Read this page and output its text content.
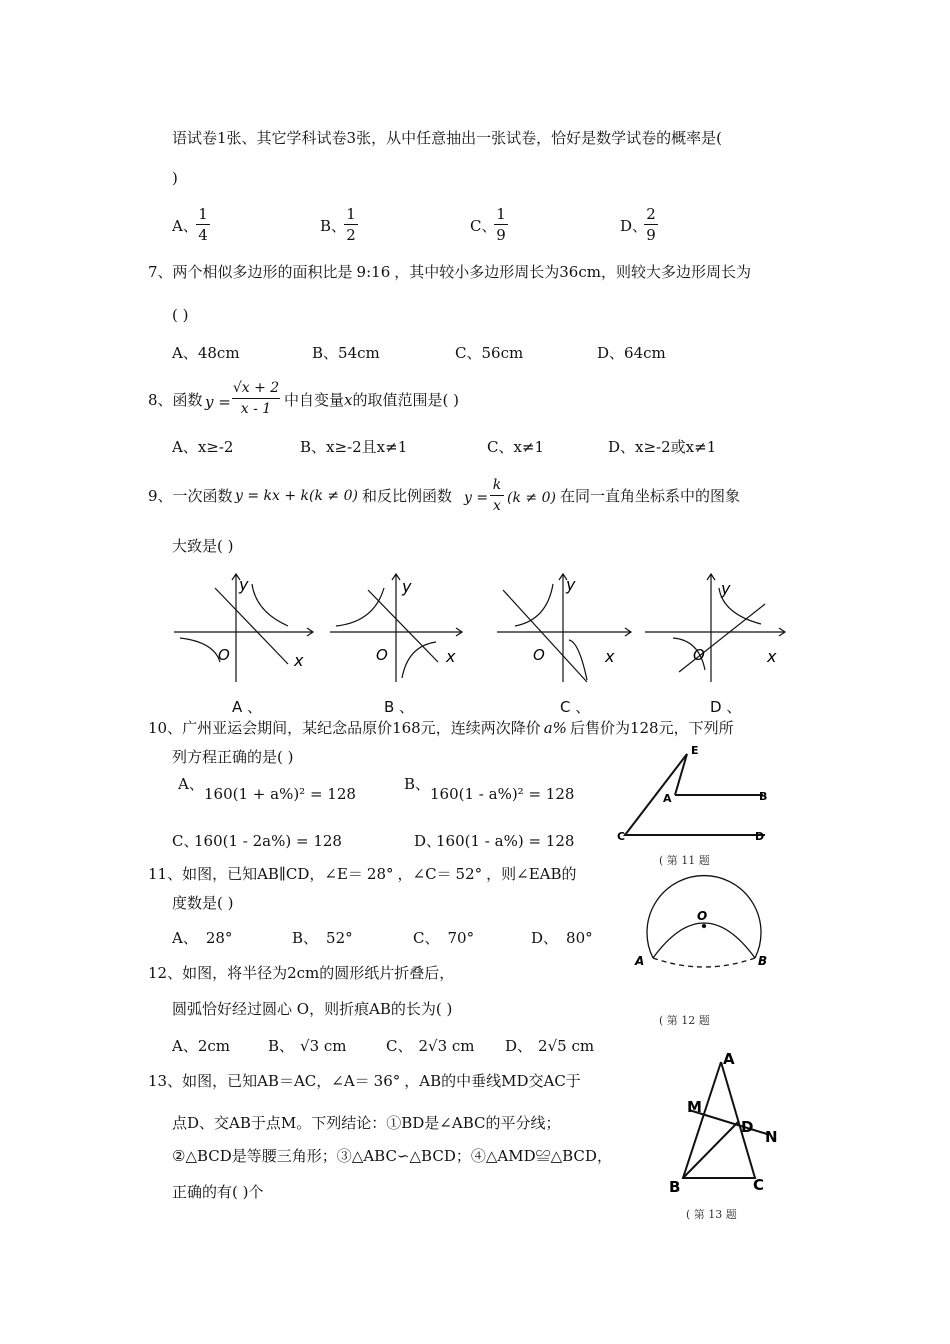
语试卷1张、其它学科试卷3张，从中任意抽出一张试卷，恰好是数学试卷的概率是(
)
A、
1
4	B、
1
2	C、
1
9	D、
2
9
7、两个相似多边形的面积比是 9:16 ，其中较小多边形周长为36cm，则较大多边形周长为
( )
A、48cm	B、54cm	C、56cm	D、64cm
8、函数 y =
√x + 2
x - 1 中自变量x的取值范围是( )
A、x≥-2	B、x≥-2且x≠1	C、x≠1	D、x≥-2或x≠1
9、一次函数 y = kx + k(k ≠ 0) 和反比例函数 y =
k
x (k ≠ 0) 在同一直角坐标系中的图象
大致是( )
y
O	x
A 、
y
O	x
B 、
y
O	x
C 、
y
O	x
D 、
10、广州亚运会期间，某纪念品原价168元，连续两次降价 a% 后售价为128元，下列所
列方程正确的是( )
A、
160(1 + a%)² = 128
B、
160(1 - a%)² = 128
C、
160(1 - 2a%) = 128	D、
160(1 - a%) = 128
E
A	B
C	D
( 第 11 题
11、如图，已知AB∥CD，∠E＝ 28° ，∠C＝ 52° ，则∠EAB的
度数是( )
A、 28°	B、 52°	C、 70°	D、 80°
O
A	B
( 第 12 题
12、如图，将半径为2cm的圆形纸片折叠后，
圆弧恰好经过圆心 O，则折痕AB的长为( )
A、2cm	B、 √3 cm	C、 2√3 cm D、 2√5 cm
13、如图，已知AB＝AC，∠A＝ 36° ，AB的中垂线MD交AC于
点D、交AB于点M。下列结论：①BD是∠ABC的平分线；
②△BCD是等腰三角形；③△ABC∽△BCD；④△AMD≌△BCD，
正确的有( )个
A
M
D
N
B	C
( 第 13 题
